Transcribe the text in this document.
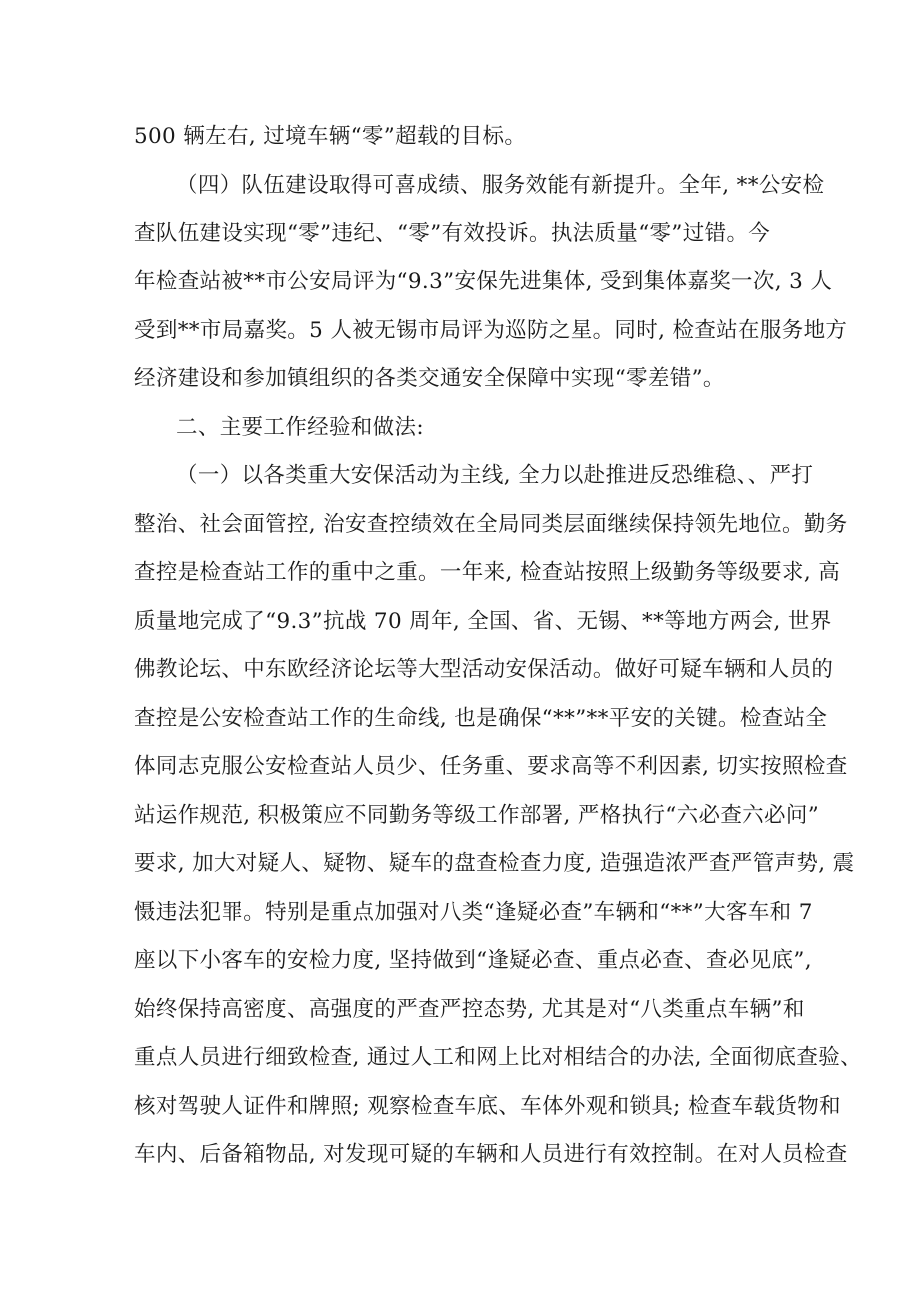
500 辆左右, 过境车辆“零”超载的目标。
（四）队伍建设取得可喜成绩、服务效能有新提升。全年, **公安检
查队伍建设实现“零”违纪、“零”有效投诉。执法质量“零”过错。今
年检查站被**市公安局评为“9.3”安保先进集体, 受到集体嘉奖一次, 3 人
受到**市局嘉奖。5 人被无锡市局评为巡防之星。同时, 检查站在服务地方
经济建设和参加镇组织的各类交通安全保障中实现“零差错”。
二、主要工作经验和做法:
（一）以各类重大安保活动为主线, 全力以赴推进反恐维稳、、严打
整治、社会面管控, 治安查控绩效在全局同类层面继续保持领先地位。勤务
查控是检查站工作的重中之重。一年来, 检查站按照上级勤务等级要求, 高
质量地完成了“9.3”抗战 70 周年, 全国、省、无锡、**等地方两会, 世界
佛教论坛、中东欧经济论坛等大型活动安保活动。做好可疑车辆和人员的
查控是公安检查站工作的生命线, 也是确保“**”**平安的关键。检查站全
体同志克服公安检查站人员少、任务重、要求高等不利因素, 切实按照检查
站运作规范, 积极策应不同勤务等级工作部署, 严格执行“六必查六必问”
要求, 加大对疑人、疑物、疑车的盘查检查力度, 造强造浓严查严管声势, 震
慑违法犯罪。特别是重点加强对八类“逢疑必查”车辆和“**”大客车和 7
座以下小客车的安检力度, 坚持做到“逢疑必查、重点必查、查必见底”,
始终保持高密度、高强度的严查严控态势, 尤其是对“八类重点车辆”和
重点人员进行细致检查, 通过人工和网上比对相结合的办法, 全面彻底查验、
核对驾驶人证件和牌照; 观察检查车底、车体外观和锁具; 检查车载货物和
车内、后备箱物品, 对发现可疑的车辆和人员进行有效控制。在对人员检查
